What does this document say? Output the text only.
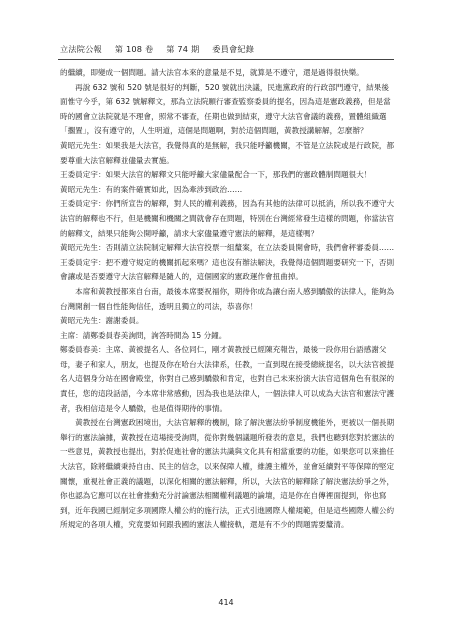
立法院公報 第 108 卷 第 74 期 委員會紀錄

的繼續，即變成一個問題。請大法官本來的意量是不見，就算是不遵守，還是過得很快樂。

　　再說 632 號和 520 號是很好的判斷，520 號就出決議，民進黨政府的行政部門遵守，結果後面惟守今乎，第 632 號解釋文，那為立法院願行審查監察委員的提名，因為這是憲政義務，但是當時的國會立法院就是不理會，照常不審查，任期也做到結束，遵守大法官會議的義務，置體組織選「擱置」，沒有遵守的，人生明道，這個是問題啊，對於這個問題，黃教授講解解，怎麼辦？

黃昭元先生：如果我是大法官，我覺得真的是無解，我只能呼籲機關，不管是立法院或是行政院，都要尊重大法官解釋並儘量去實施。

王委員定宇：如果大法官的解釋文只能呼籲大家儘量配合一下，那我們的憲政體制問題很大！

黃昭元先生：有的案件確實如此，因為牽涉到政治……

王委員定宇：你們所宣告的解釋，對人民的權利義務，因為有其他的法律可以抵消，所以我不遵守大法官的解釋也不行，但是機關和機關之間就會存在問題，特別在台灣經常發生這樣的問題，你當法官的解釋文，結果只能夠公開呼籲，請求大家儘量遵守憲法的解釋，是這樣嗎？

黃昭元先生：否則請立法院制定解釋大法官投票一組釐案，在立法委員開會時，我們會秤審委員……

王委員定宇：把不遵守規定的機關抓起來嗎？這也沒有辦法解決，我覺得這個問題要研究一下，否則會讓或是否要遵守大法官解釋是隨人的，這個國家的憲政運作會扭曲掉。

　　本席和黃教授都來自台南，最後本席要祝福你，期待你成為讓台南人感到驕傲的法律人，能夠為台灣開創一個自性能夠信任，透明且獨立的司法，恭喜你！

黃昭元先生：謝謝委員。

主席：請鄭委員春美詢問，詢答時間為 15 分鐘。

鄭委員春美：主席、黃被提名人、各位同仁，剛才黃教授已經陳充報告，最後一段你用台語感謝父母，妻子和家人，朋友，也提及你在哈台大法律系，任教，一直到現在接受總統提名，以大法官被提名人這個身分站在國會殿堂，你對自己感到驕傲和肯定，也對自己未來扮演大法官這個角色有很深的責任，您的這段話語，今本席非常感動，因為我也是法律人，一個法律人可以成為大法官和憲法守護者，我相信這是令人驕傲，也是值得期待的事情。

　　黃教授在台灣憲政困境出，大法官解釋的機制，除了解決憲法紛爭制度機能外，更被以一個長期舉行的憲法論據，黃教授在這場接受詢問，從你對幾個議題所發表的意見，我們也聽到您對於憲法的一些意見，黃教授也提出，對於促進社會的憲法共識與文化具有相當重要的功能，如果您可以來擔任大法官，除將繼續秉持自由、民主的信念，以來保障人權，維護主權外，並會延續對平等保障的堅定關懷，重視社會正義的議題，以深化相關的憲法解釋，所以，大法官的解釋除了解決憲法紛爭之外，你也認為它應可以在社會推動充分討論憲法相關權利議題的論壇，這是你在自傳裡面提到，你也寫到，近年我國已經制定多項國際人權公約的施行法，正式引進國際人權規範，但是這些國際人權公約所規定的各項人權，究竟要如何跟我國的憲法人權接軌，還是有不少的問題需要釐清。

414
